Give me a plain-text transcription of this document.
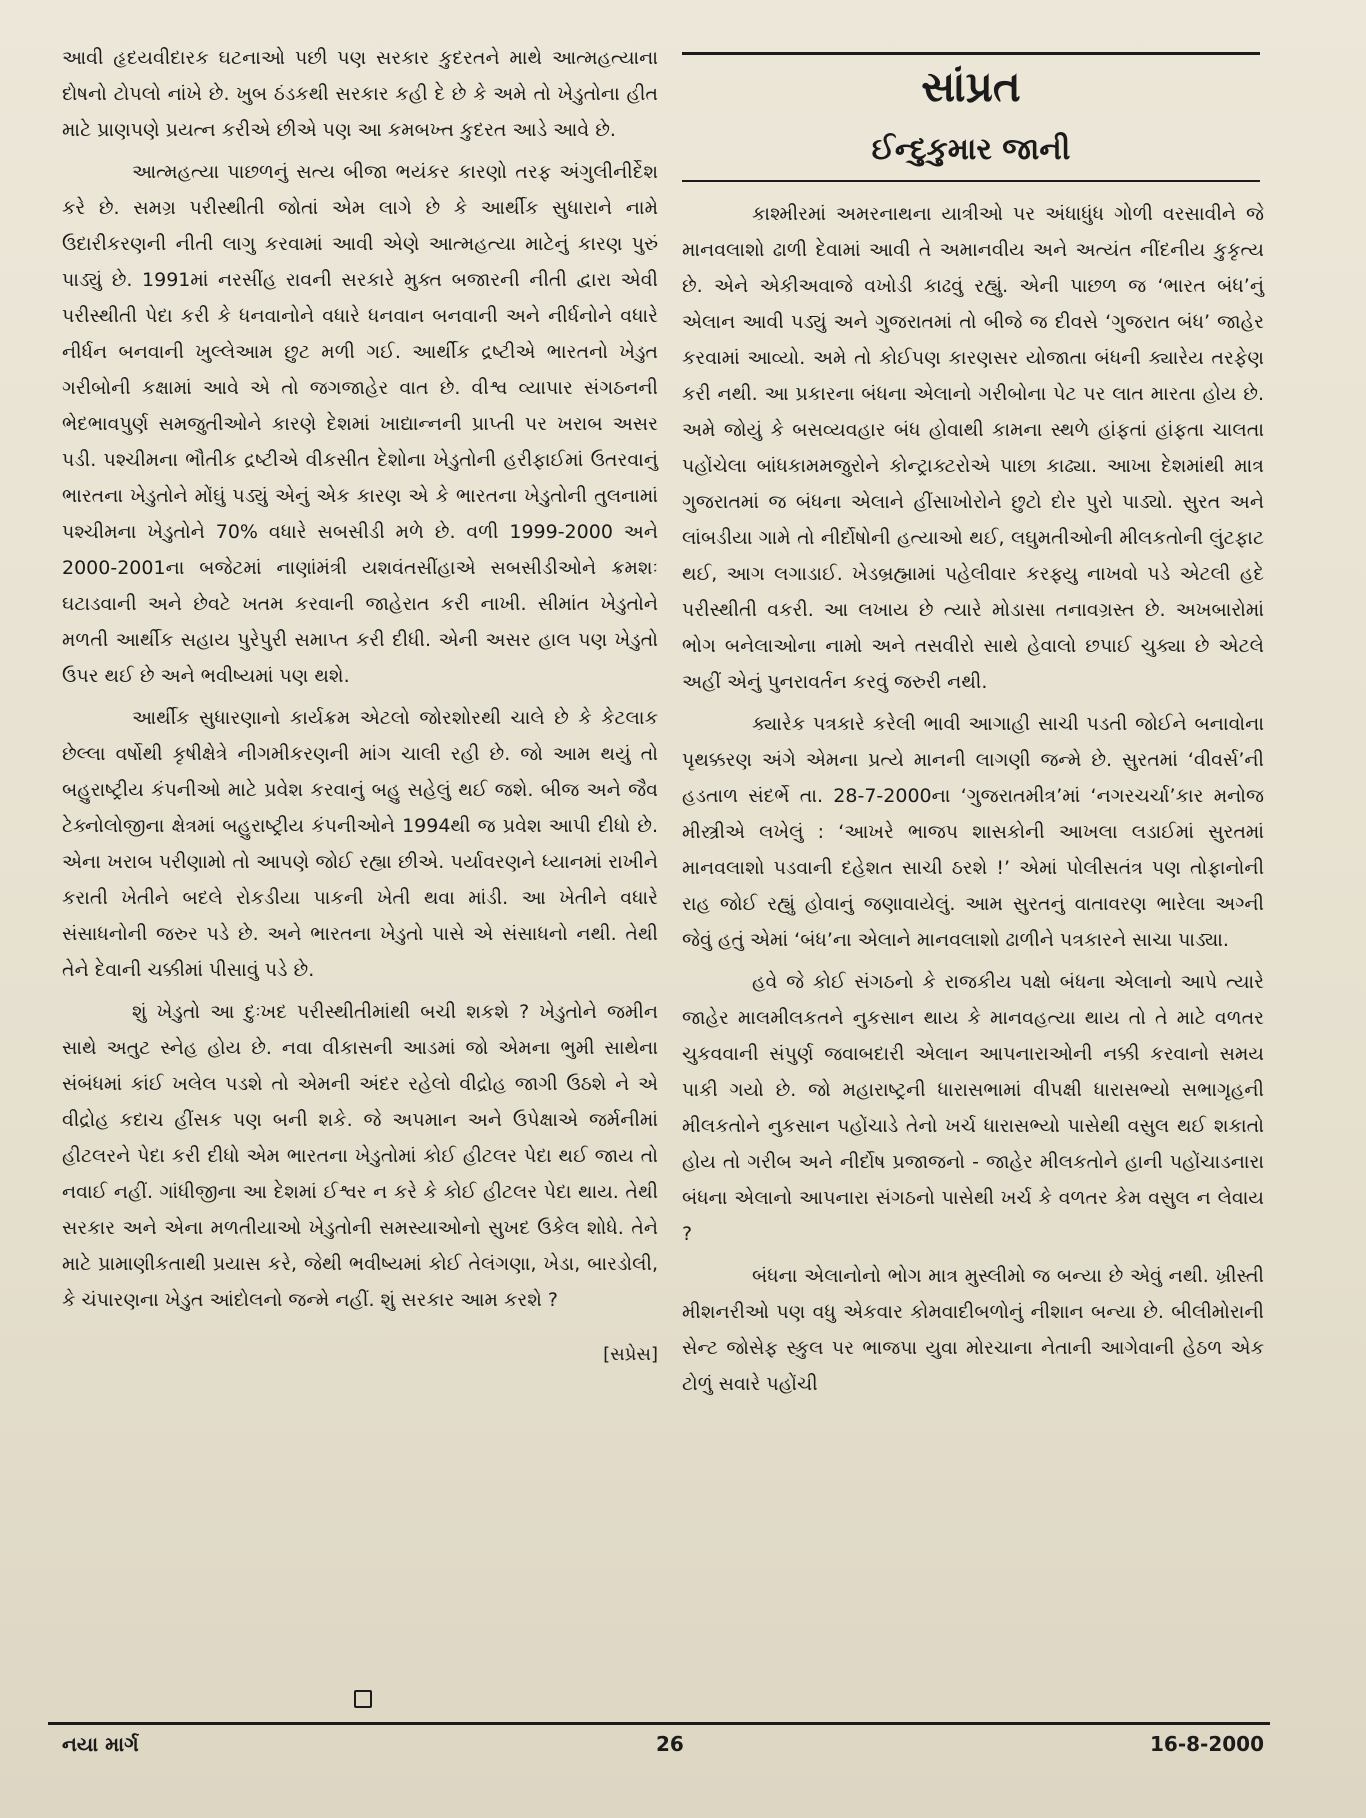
આવી હૃદયવીદારક ઘટનાઓ પછી પણ સરકાર કુદરતને માથે આત્મહત્યાના દોષનો ટોપલો નાંખે છે. ખુબ ઠંડકથી સરકાર કહી દે છે કે અમે તો ખેડુતોના હીત માટે પ્રાણપણે પ્રયત્ન કરીએ છીએ પણ આ કમબખ્ત કુદરત આડે આવે છે.

આત્મહત્યા પાછળનું સત્ય બીજા ભયંકર કારણો તરફ અંગુલીનીર્દેશ કરે છે. સમગ્ર પરીસ્થીતી જોતાં એમ લાગે છે કે આર્થીક સુધારાને નામે ઉદારીકરણની નીતી લાગુ કરવામાં આવી એણે આત્મહત્યા માટેનું કારણ પુરું પાડ્યું છે. 1991માં નરસીંહ રાવની સરકારે મુક્ત બજારની નીતી દ્વારા એવી પરીસ્થીતી પેદા કરી કે ધનવાનોને વધારે ધનવાન બનવાની અને નીર્ધનોને વધારે નીર્ધન બનવાની ખુલ્લેઆમ છુટ મળી ગઈ. આર્થીક દ્રષ્ટીએ ભારતનો ખેડુત ગરીબોની કક્ષામાં આવે એ તો જગજાહેર વાત છે. વીશ્વ વ્યાપાર સંગઠનની ભેદભાવપુર્ણ સમજુતીઓને કારણે દેશમાં ખાદ્યાન્નની પ્રાપ્તી પર ખરાબ અસર પડી. પશ્ચીમના ભૌતીક દ્રષ્ટીએ વીકસીત દેશોના ખેડુતોની હરીફાઈમાં ઉતરવાનું ભારતના ખેડુતોને મોંઘું પડ્યું એનું એક કારણ એ કે ભારતના ખેડુતોની તુલનામાં પશ્ચીમના ખેડુતોને 70% વધારે સબસીડી મળે છે. વળી 1999-2000 અને 2000-2001ના બજેટમાં નાણાંમંત્રી યશવંતસીંહાએ સબસીડીઓને ક્રમશઃ ઘટાડવાની અને છેવટે ખતમ કરવાની જાહેરાત કરી નાખી. સીમાંત ખેડુતોને મળતી આર્થીક સહાય પુરેપુરી સમાપ્ત કરી દીધી. એની અસર હાલ પણ ખેડુતો ઉપર થઈ છે અને ભવીષ્યમાં પણ થશે.

આર્થીક સુધારણાનો કાર્યક્રમ એટલો જોરશોરથી ચાલે છે કે કેટલાક છેલ્લા વર્ષોથી કૃષીક્ષેત્રે નીગમીકરણની માંગ ચાલી રહી છે. જો આમ થયું તો બહુરાષ્ટ્રીય કંપનીઓ માટે પ્રવેશ કરવાનું બહુ સહેલું થઈ જશે. બીજ અને જૈવ ટેક્નોલોજીના ક્ષેત્રમાં બહુરાષ્ટ્રીય કંપનીઓને 1994થી જ પ્રવેશ આપી દીધો છે. એના ખરાબ પરીણામો તો આપણે જોઈ રહ્યા છીએ. પર્યાવરણને ધ્યાનમાં રાખીને કરાતી ખેતીને બદલે રોકડીયા પાકની ખેતી થવા માંડી. આ ખેતીને વધારે સંસાધનોની જરુર પડે છે. અને ભારતના ખેડુતો પાસે એ સંસાધનો નથી. તેથી તેને દેવાની ચક્કીમાં પીસાવું પડે છે.

શું ખેડુતો આ દુઃખદ પરીસ્થીતીમાંથી બચી શકશે ? ખેડુતોને જમીન સાથે અતુટ સ્નેહ હોય છે. નવા વીકાસની આડમાં જો એમના ભુમી સાથેના સંબંધમાં કાંઈ ખલેલ પડશે તો એમની અંદર રહેલો વીદ્રોહ જાગી ઉઠશે ને એ વીદ્રોહ કદાચ હીંસક પણ બની શકે. જે અપમાન અને ઉપેક્ષાએ જર્મનીમાં હીટલરને પેદા કરી દીધો એમ ભારતના ખેડુતોમાં કોઈ હીટલર પેદા થઈ જાય તો નવાઈ નહીં. ગાંધીજીના આ દેશમાં ઈશ્વર ન કરે કે કોઈ હીટલર પેદા થાય. તેથી સરકાર અને એના મળતીયાઓ ખેડુતોની સમસ્યાઓનો સુખદ ઉકેલ શોધે. તેને માટે પ્રામાણીકતાથી પ્રયાસ કરે, જેથી ભવીષ્યમાં કોઈ તેલંગણા, ખેડા, બારડોલી, કે ચંપારણના ખેડુત આંદોલનો જન્મે નહીં. શું સરકાર આમ કરશે ?

[સપ્રેસ]
સાંપ્રત
ઈન્દુકુમાર જાની

કાશ્મીરમાં અમરનાથના યાત્રીઓ પર અંધાધુંધ ગોળી વરસાવીને જે માનવલાશો ઢાળી દેવામાં આવી તે અમાનવીય અને અત્યંત નીંદનીય કુકૃત્ય છે. એને એકીઅવાજે વખોડી કાઢવું રહ્યું. એની પાછળ જ ‘ભારત બંધ’નું એલાન આવી પડ્યું અને ગુજરાતમાં તો બીજે જ દીવસે ‘ગુજરાત બંધ’ જાહેર કરવામાં આવ્યો. અમે તો કોઈપણ કારણસર યોજાતા બંધની ક્યારેય તરફેણ કરી નથી. આ પ્રકારના બંધના એલાનો ગરીબોના પેટ પર લાત મારતા હોય છે. અમે જોયું કે બસવ્યવહાર બંધ હોવાથી કામના સ્થળે હાંફતાં હાંફતા ચાલતા પહોંચેલા બાંધકામમજુરોને કોન્ટ્રાક્ટરોએ પાછા કાઢ્યા. આખા દેશમાંથી માત્ર ગુજરાતમાં જ બંધના એલાને હીંસાખોરોને છુટો દોર પુરો પાડ્યો. સુરત અને લાંબડીયા ગામે તો નીર્દોષોની હત્યાઓ થઈ, લઘુમતીઓની મીલકતોની લુંટફાટ થઈ, આગ લગાડાઈ. ખેડબ્રહ્મામાં પહેલીવાર કરફ્યુ નાખવો પડે એટલી હદે પરીસ્થીતી વકરી. આ લખાય છે ત્યારે મોડાસા તનાવગ્રસ્ત છે. અખબારોમાં ભોગ બનેલાઓના નામો અને તસવીરો સાથે હેવાલો છપાઈ ચુક્યા છે એટલે અહીં એનું પુનરાવર્તન કરવું જરુરી નથી.

ક્યારેક પત્રકારે કરેલી ભાવી આગાહી સાચી પડતી જોઈને બનાવોના પૃથક્કરણ અંગે એમના પ્રત્યે માનની લાગણી જન્મે છે. સુરતમાં ‘વીવર્સ’ની હડતાળ સંદર્ભે તા. 28-7-2000ના ‘ગુજરાતમીત્ર’માં ‘નગરચર્ચા’કાર મનોજ મીસ્ત્રીએ લખેલું : ‘આખરે ભાજપ શાસકોની આખલા લડાઈમાં સુરતમાં માનવલાશો પડવાની દહેશત સાચી ઠરશે !’ એમાં પોલીસતંત્ર પણ તોફાનોની રાહ જોઈ રહ્યું હોવાનું જણાવાયેલું. આમ સુરતનું વાતાવરણ ભારેલા અગ્ની જેવું હતું એમાં ‘બંધ’ના એલાને માનવલાશો ઢાળીને પત્રકારને સાચા પાડ્યા.

હવે જે કોઈ સંગઠનો કે રાજકીય પક્ષો બંધના એલાનો આપે ત્યારે જાહેર માલમીલકતને નુકસાન થાય કે માનવહત્યા થાય તો તે માટે વળતર ચુકવવાની સંપુર્ણ જવાબદારી એલાન આપનારાઓની નક્કી કરવાનો સમય પાકી ગયો છે. જો મહારાષ્ટ્રની ધારાસભામાં વીપક્ષી ધારાસભ્યો સભાગૃહની મીલકતોને નુકસાન પહોંચાડે તેનો ખર્ચ ધારાસભ્યો પાસેથી વસુલ થઈ શકાતો હોય તો ગરીબ અને નીર્દોષ પ્રજાજનો - જાહેર મીલકતોને હાની પહોંચાડનારા બંધના એલાનો આપનારા સંગઠનો પાસેથી ખર્ચ કે વળતર કેમ વસુલ ન લેવાય ?

બંધના એલાનોનો ભોગ માત્ર મુસ્લીમો જ બન્યા છે એવું નથી. ખ્રીસ્તી મીશનરીઓ પણ વધુ એકવાર કોમવાદીબળોનું નીશાન બન્યા છે. બીલીમોરાની સેન્ટ જોસેફ સ્કુલ પર ભાજપા યુવા મોરચાના નેતાની આગેવાની હેઠળ એક ટોળું સવારે પહોંચી

નયા માર્ગ	26	16-8-2000
